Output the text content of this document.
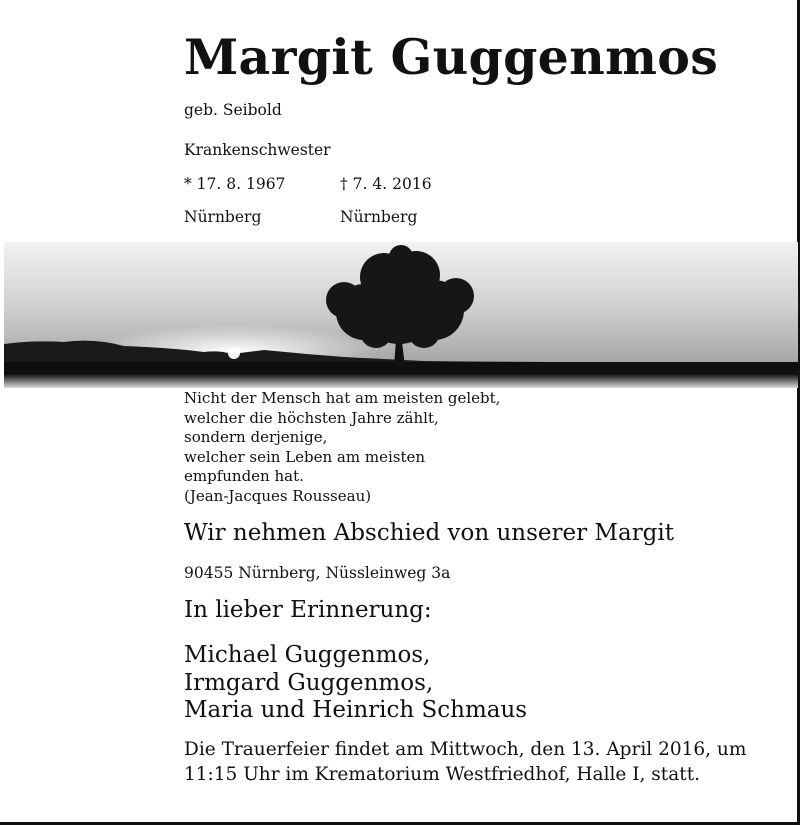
Margit Guggenmos
geb. Seibold
Krankenschwester
* 17. 8. 1967	† 7. 4. 2016
Nürnberg	Nürnberg
Nicht der Mensch hat am meisten gelebt,
welcher die höchsten Jahre zählt,
sondern derjenige,
welcher sein Leben am meisten
empfunden hat.
(Jean-Jacques Rousseau)
Wir nehmen Abschied von unserer Margit
90455 Nürnberg, Nüssleinweg 3a
In lieber Erinnerung:
Michael Guggenmos,
Irmgard Guggenmos,
Maria und Heinrich Schmaus
Die Trauerfeier findet am Mittwoch, den 13. April 2016, um
11:15 Uhr im Krematorium Westfriedhof, Halle I, statt.
